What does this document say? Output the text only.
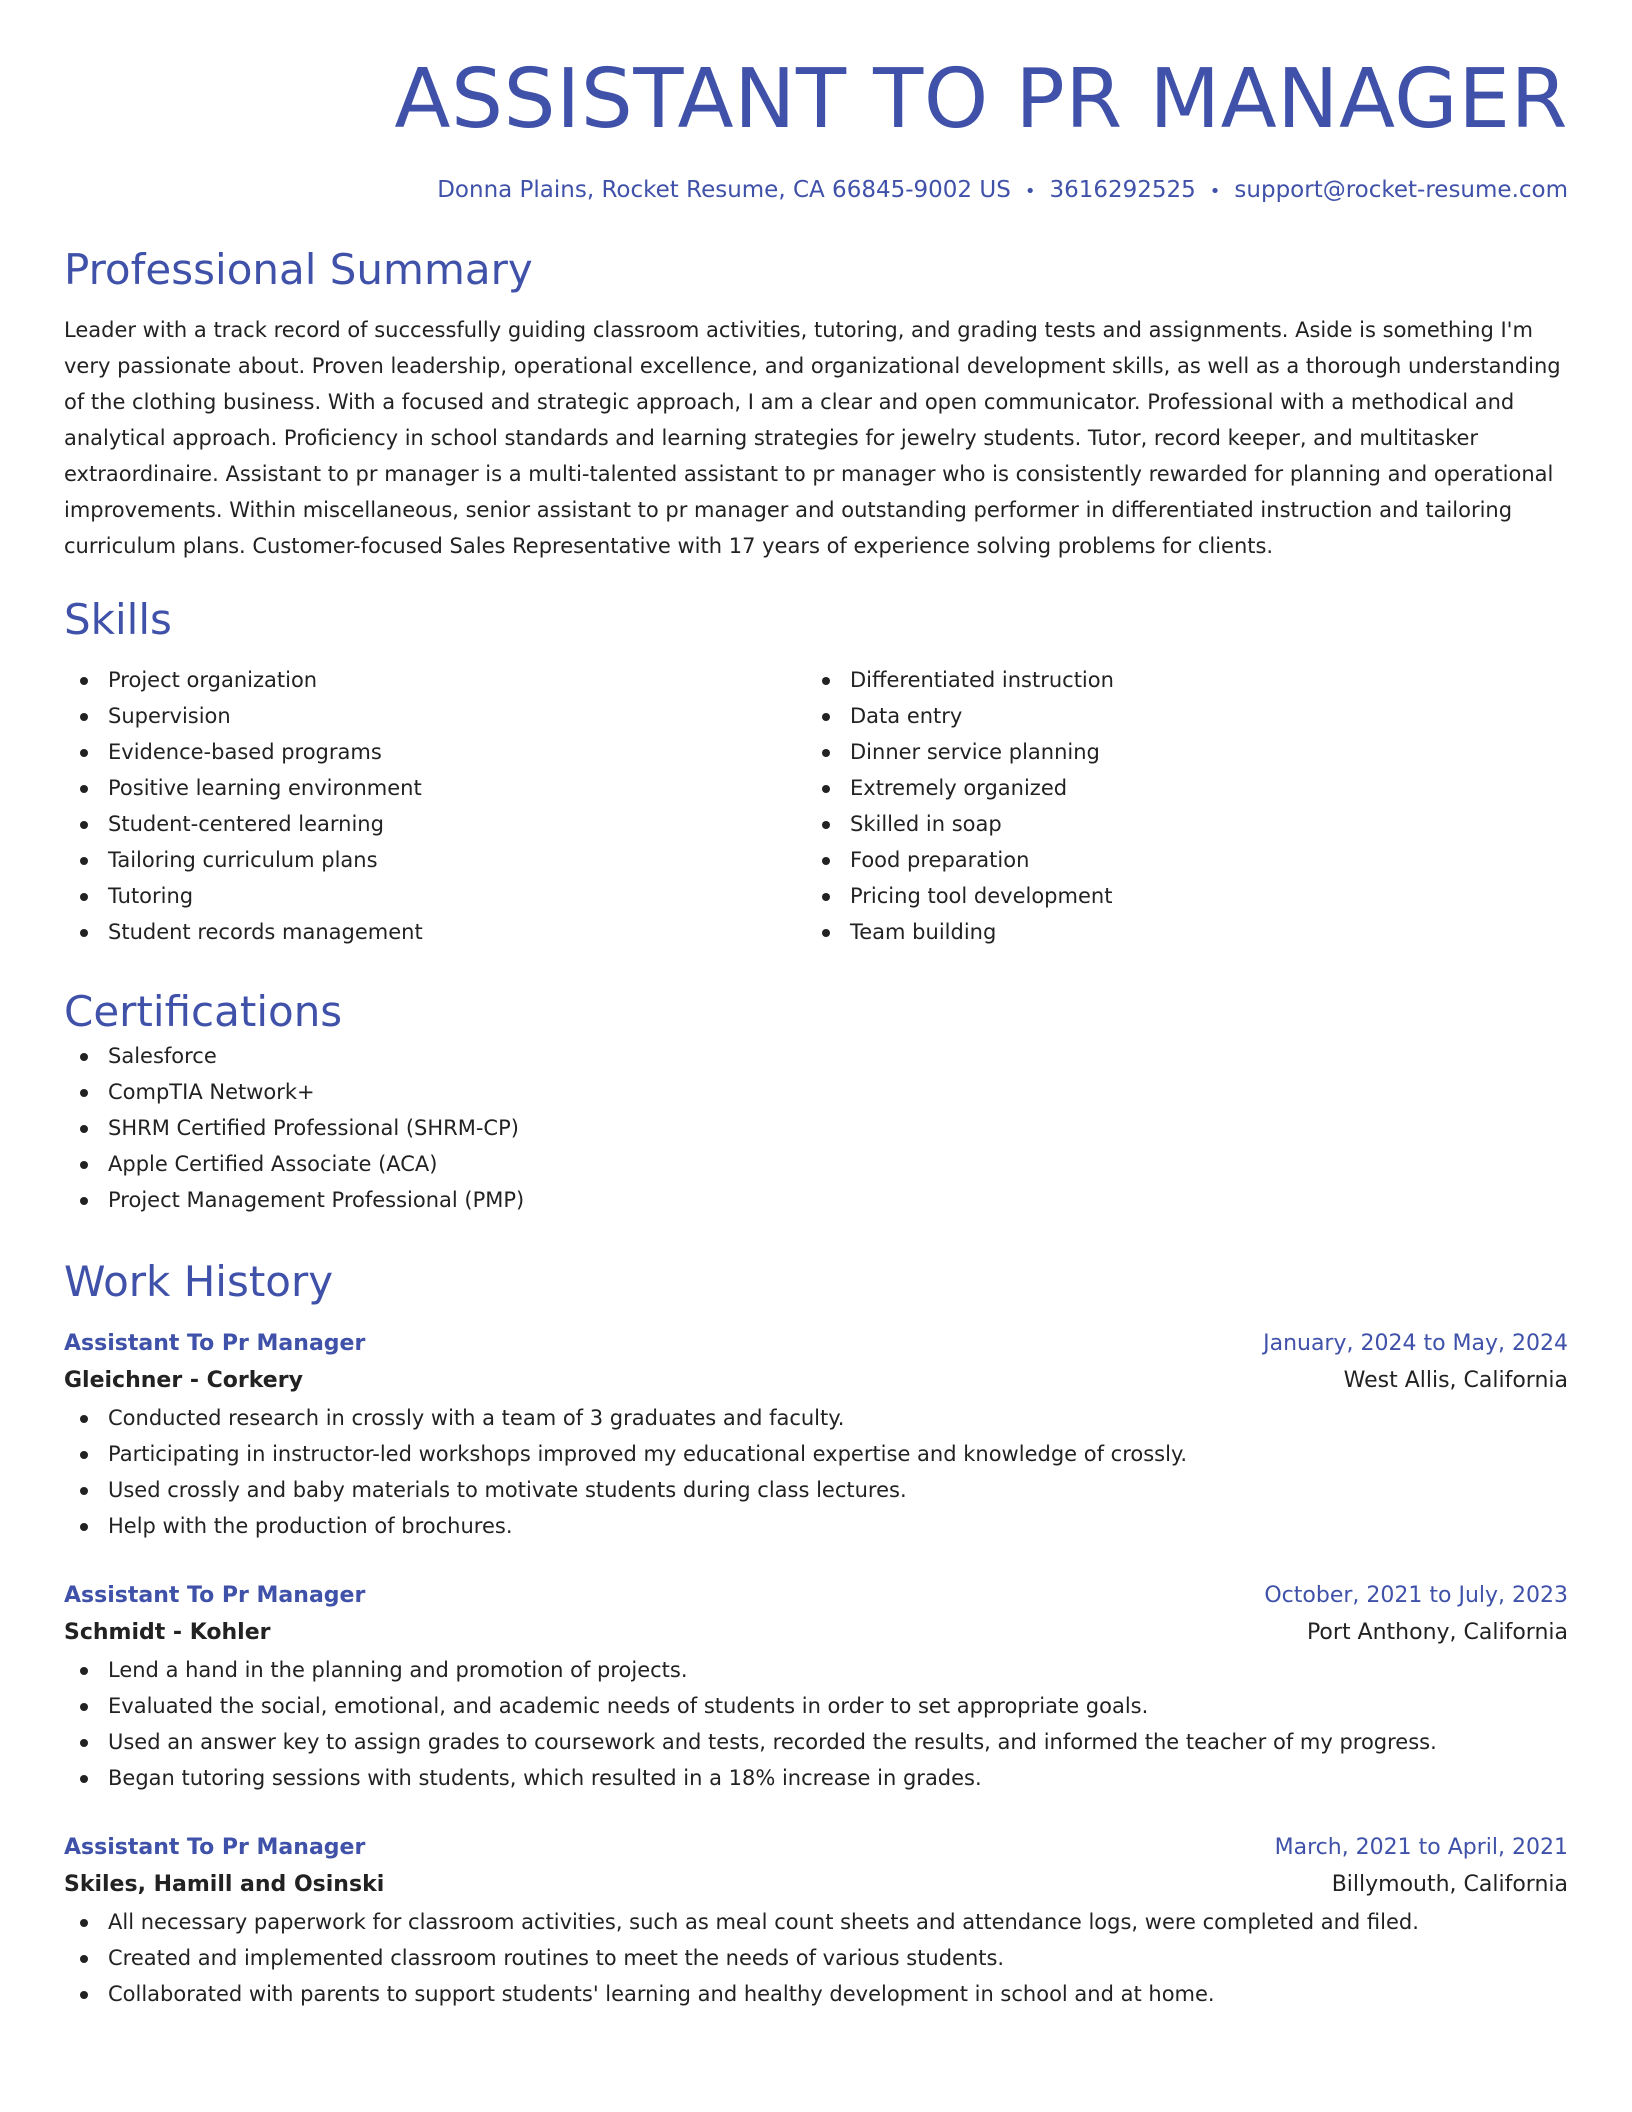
ASSISTANT TO PR MANAGER
Donna Plains, Rocket Resume, CA 66845-9002 US • 3616292525 • support@rocket-resume.com
Professional Summary
Leader with a track record of successfully guiding classroom activities, tutoring, and grading tests and assignments. Aside is something I'm very passionate about. Proven leadership, operational excellence, and organizational development skills, as well as a thorough understanding of the clothing business. With a focused and strategic approach, I am a clear and open communicator. Professional with a methodical and analytical approach. Proficiency in school standards and learning strategies for jewelry students. Tutor, record keeper, and multitasker extraordinaire. Assistant to pr manager is a multi-talented assistant to pr manager who is consistently rewarded for planning and operational improvements. Within miscellaneous, senior assistant to pr manager and outstanding performer in differentiated instruction and tailoring curriculum plans. Customer-focused Sales Representative with 17 years of experience solving problems for clients.
Skills
Project organization
Supervision
Evidence-based programs
Positive learning environment
Student-centered learning
Tailoring curriculum plans
Tutoring
Student records management
Differentiated instruction
Data entry
Dinner service planning
Extremely organized
Skilled in soap
Food preparation
Pricing tool development
Team building
Certifications
Salesforce
CompTIA Network+
SHRM Certified Professional (SHRM-CP)
Apple Certified Associate (ACA)
Project Management Professional (PMP)
Work History
Assistant To Pr Manager	January, 2024 to May, 2024
Gleichner - Corkery	West Allis, California
Conducted research in crossly with a team of 3 graduates and faculty.
Participating in instructor-led workshops improved my educational expertise and knowledge of crossly.
Used crossly and baby materials to motivate students during class lectures.
Help with the production of brochures.
Assistant To Pr Manager	October, 2021 to July, 2023
Schmidt - Kohler	Port Anthony, California
Lend a hand in the planning and promotion of projects.
Evaluated the social, emotional, and academic needs of students in order to set appropriate goals.
Used an answer key to assign grades to coursework and tests, recorded the results, and informed the teacher of my progress.
Began tutoring sessions with students, which resulted in a 18% increase in grades.
Assistant To Pr Manager	March, 2021 to April, 2021
Skiles, Hamill and Osinski	Billymouth, California
All necessary paperwork for classroom activities, such as meal count sheets and attendance logs, were completed and filed.
Created and implemented classroom routines to meet the needs of various students.
Collaborated with parents to support students' learning and healthy development in school and at home.
